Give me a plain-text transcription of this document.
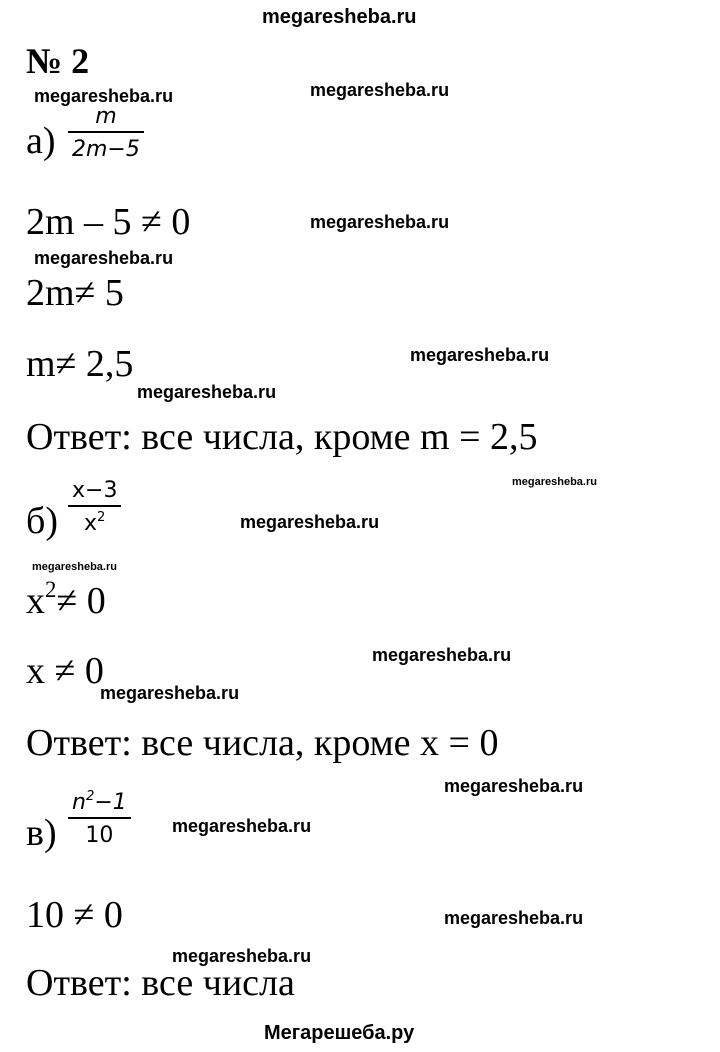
megaresheba.ru
№ 2
megaresheba.ru	megaresheba.ru
megaresheba.ru
megaresheba.ru
megaresheba.ru
megaresheba.ru
megaresheba.ru
megaresheba.ru
megaresheba.ru
megaresheba.ru
megaresheba.ru
megaresheba.ru
megaresheba.ru
megaresheba.ru
megaresheba.ru
а)
m
2m−5
2m – 5 ≠ 0
2m≠ 5
m≠ 2,5
Ответ: все числа, кроме m = 2,5
б)
x−3
$x^2$
$x^2\ne 0$
x ≠ 0
Ответ: все числа, кроме x = 0
в)
$n^2-1$
10
10 ≠ 0
Ответ: все числа
Мегарешеба.ру
